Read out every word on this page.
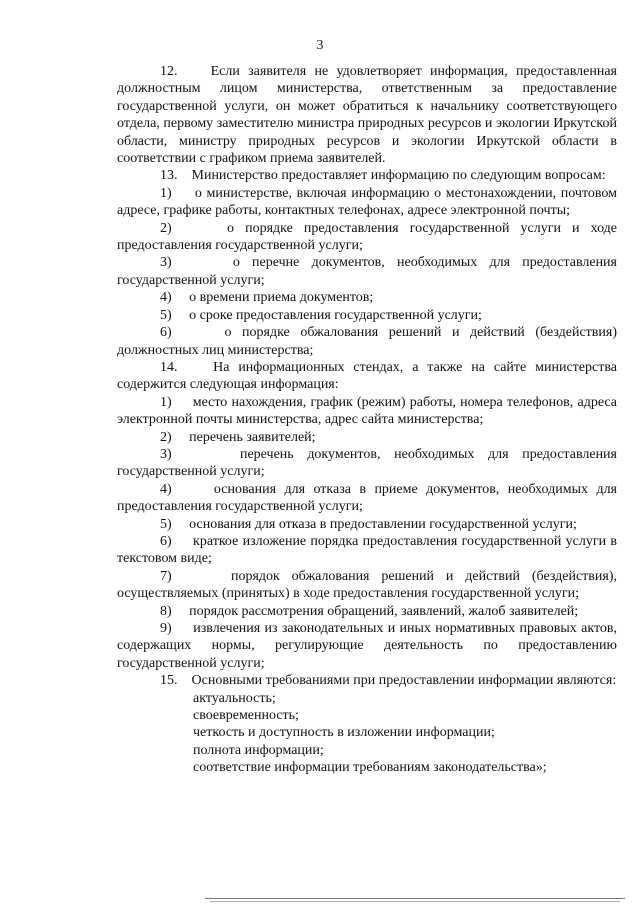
3
12.    Если заявителя не удовлетворяет информация, предоставленная должностным лицом министерства, ответственным за предоставление государственной услуги, он может обратиться к начальнику соответствующего отдела, первому заместителю министра природных ресурсов и экологии Иркутской области, министру природных ресурсов и экологии Иркутской области в соответствии с графиком приема заявителей.
13.    Министерство предоставляет информацию по следующим вопросам:
1)     о министерстве, включая информацию о местонахождении, почтовом адресе, графике работы, контактных телефонах, адресе электронной почты;
2)     о порядке предоставления государственной услуги и ходе предоставления государственной услуги;
3)     о перечне документов, необходимых для предоставления государственной услуги;
4)     о времени приема документов;
5)     о сроке предоставления государственной услуги;
6)     о порядке обжалования решений и действий (бездействия) должностных лиц министерства;
14.    На информационных стендах, а также на сайте министерства содержится следующая информация:
1)     место нахождения, график (режим) работы, номера телефонов, адреса электронной почты министерства, адрес сайта министерства;
2)     перечень заявителей;
3)     перечень документов, необходимых для предоставления государственной услуги;
4)     основания для отказа в приеме документов, необходимых для предоставления государственной услуги;
5)     основания для отказа в предоставлении государственной услуги;
6)     краткое изложение порядка предоставления государственной услуги в текстовом виде;
7)     порядок обжалования решений и действий (бездействия), осуществляемых (принятых) в ходе предоставления государственной услуги;
8)     порядок рассмотрения обращений, заявлений, жалоб заявителей;
9)     извлечения из законодательных и иных нормативных правовых актов, содержащих нормы, регулирующие деятельность по предоставлению государственной услуги;
15.    Основными требованиями при предоставлении информации являются:
актуальность;
своевременность;
четкость и доступность в изложении информации;
полнота информации;
соответствие информации требованиям законодательства»;
